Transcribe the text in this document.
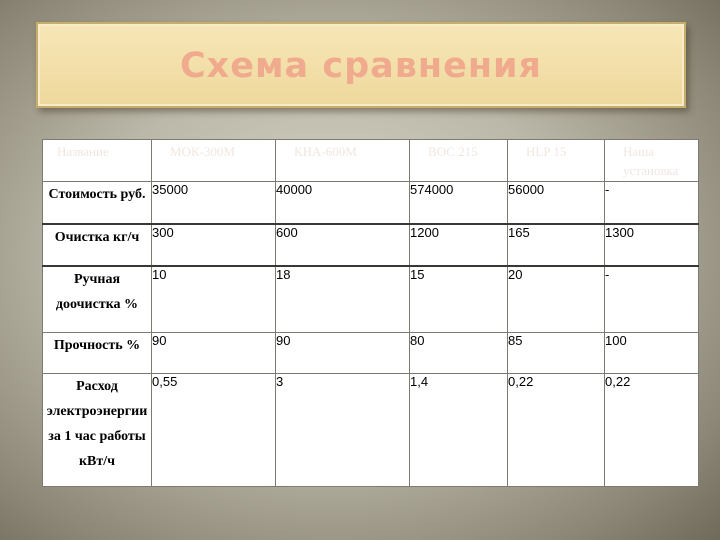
Схема сравнения
Название	МОК-300М	КНА-600М	ВОС 215	HLP 15	Наша установка
Стоимость руб.	35000	40000	574000	56000	-
Очистка кг/ч	300	600	1200	165	1300
Ручная доочистка %	10	18	15	20	-
Прочность %	90	90	80	85	100
Расход электроэнергии за 1 час работы кВт/ч	0,55	3	1,4	0,22	0,22
